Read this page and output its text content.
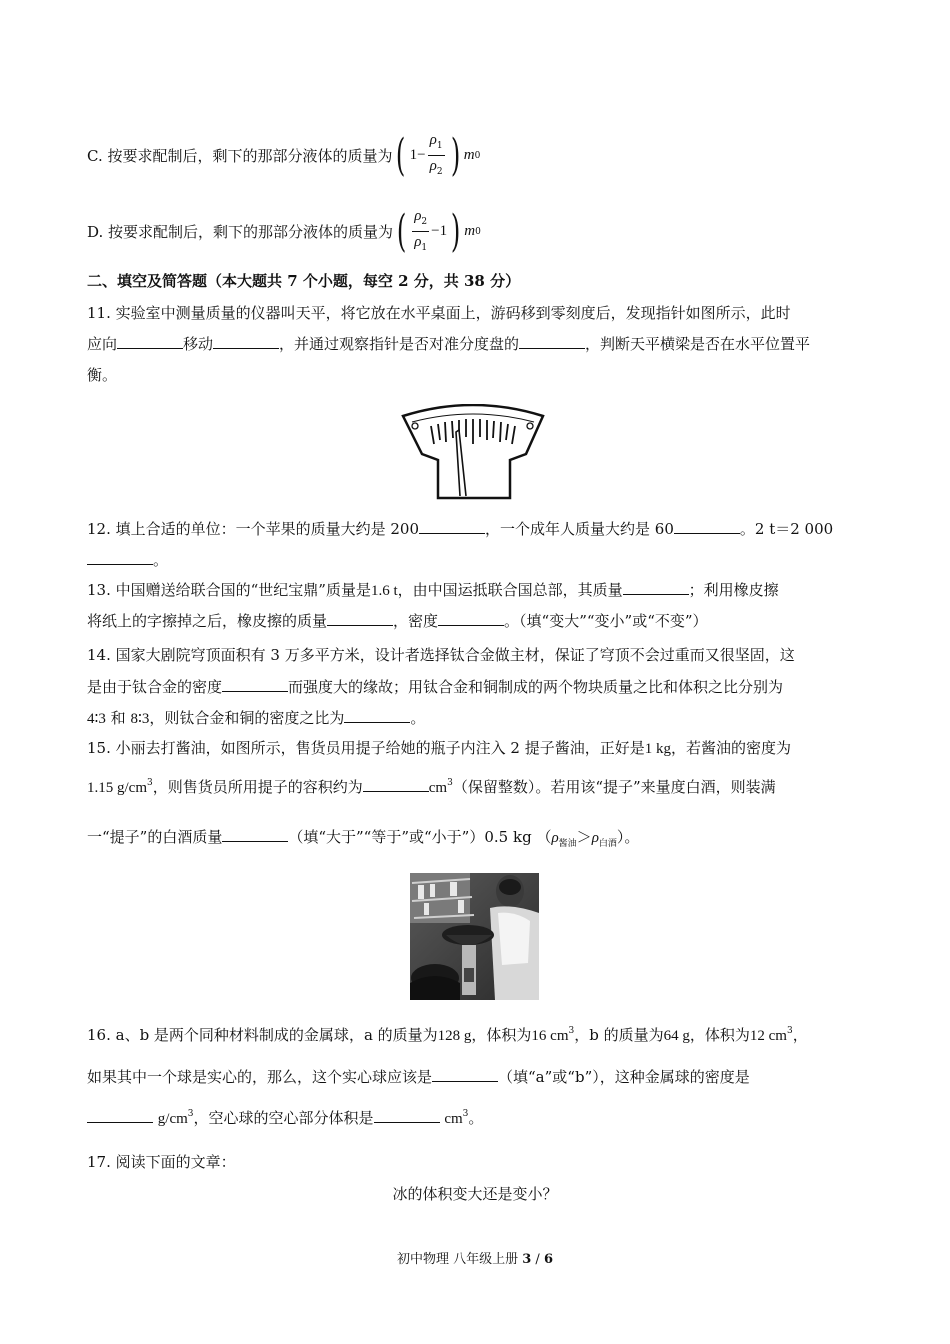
C. 按要求配制后，剩下的那部分液体的质量为 ( $1 - \frac{\rho_1}{\rho_2}$ ) m 0
D. 按要求配制后，剩下的那部分液体的质量为 ( $\frac{\rho_2}{\rho_1} -1$ ) m 0
二、填空及简答题（本大题共 7 个小题，每空 2 分，共 38 分）
11. 实验室中测量质量的仪器叫天平，将它放在水平桌面上，游码移到零刻度后，发现指针如图所示，此时
应向	移动	，并通过观察指针是否对准分度盘的	，判断天平横梁是否在水平位置平
衡。
12. 填上合适的单位：一个苹果的质量大约是 200	，一个成年人质量大约是 60	。2 t＝2 000
。
13. 中国赠送给联合国的“世纪宝鼎”质量是1.6 t，由中国运抵联合国总部，其质量	；利用橡皮擦
将纸上的字擦掉之后，橡皮擦的质量	，密度	。（填“变大”“变小”或“不变”）
14. 国家大剧院穹顶面积有 3 万多平方米，设计者选择钛合金做主材，保证了穹顶不会过重而又很坚固，这
是由于钛合金的密度	而强度大的缘故；用钛合金和铜制成的两个物块质量之比和体积之比分别为
4∶3 和 8∶3，则钛合金和铜的密度之比为	。
15. 小丽去打酱油，如图所示，售货员用提子给她的瓶子内注入 2 提子酱油，正好是1 kg，若酱油的密度为
1.15 $g/cm^3$，则售货员所用提子的容积约为	$cm^3$（保留整数）。若用该“提子”来量度白酒，则装满
一“提子”的白酒质量	（填“大于”“等于”或“小于”）0.5 kg $(\rho_{酱油}>\rho_{白酒})$。
16. a、b 是两个同种材料制成的金属球，a 的质量为128 g，体积为16 $cm^3$，b 的质量为64 g，体积为12 $cm^3$，
如果其中一个球是实心的，那么，这个实心球应该是	（填“a”或“b”），这种金属球的密度是
$g/cm^3$，空心球的空心部分体积是	$cm^3$。
17. 阅读下面的文章：
冰的体积变大还是变小？
初中物理 八年级上册 3 / 6
